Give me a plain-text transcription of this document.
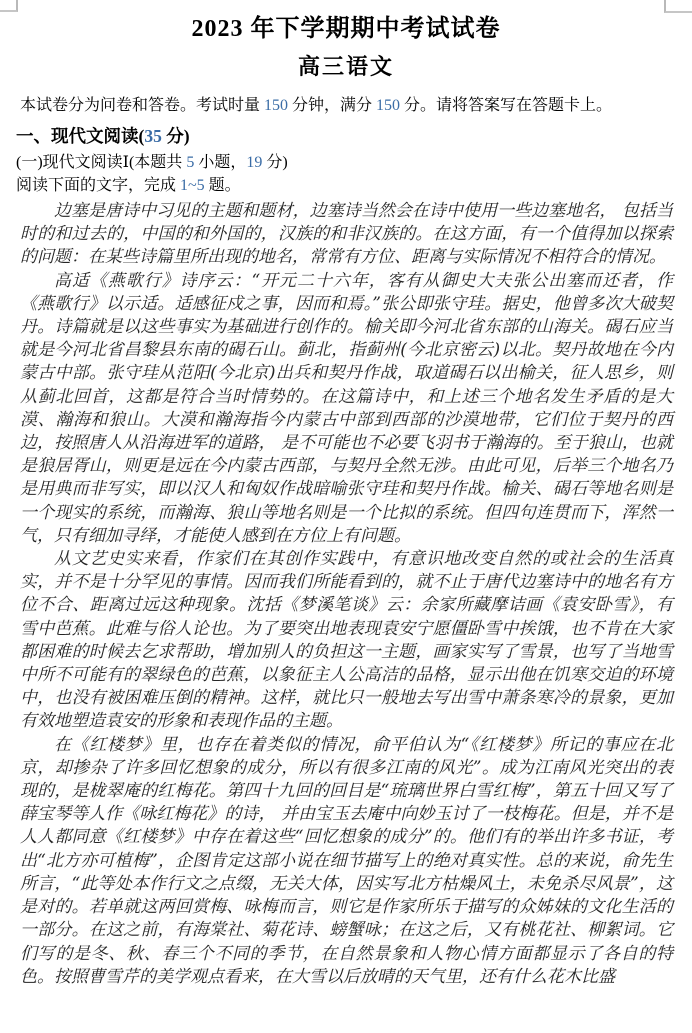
2023 年下学期期中考试试卷
高三语文

本试卷分为问卷和答卷。考试时量 150 分钟，满分 150 分。请将答案写在答题卡上。

一、现代文阅读(35 分)

(一)现代文阅读Ⅰ(本题共 5 小题，19 分)

阅读下面的文字，完成 1~5 题。

边塞是唐诗中习见的主题和题材，边塞诗当然会在诗中使用一些边塞地名， 包括当时的和过去的，中国的和外国的，汉族的和非汉族的。在这方面，有一个值得加以探索的问题：在某些诗篇里所出现的地名，常常有方位、距离与实际情况不相符合的情况。

高适《燕歌行》诗序云：“开元二十六年，客有从御史大夫张公出塞而还者，作《燕歌行》以示适。适感征戍之事，因而和焉。”张公即张守珪。据史，他曾多次大破契丹。诗篇就是以这些事实为基础进行创作的。榆关即今河北省东部的山海关。碣石应当就是今河北省昌黎县东南的碣石山。蓟北，指蓟州(今北京密云)以北。契丹故地在今内蒙古中部。张守珪从范阳(今北京)出兵和契丹作战，取道碣石以出榆关，征人思乡，则从蓟北回首，这都是符合当时情势的。在这篇诗中，和上述三个地名发生矛盾的是大漠、瀚海和狼山。大漠和瀚海指今内蒙古中部到西部的沙漠地带，它们位于契丹的西边，按照唐人从沿海进军的道路， 是不可能也不必要飞羽书于瀚海的。至于狼山，也就是狼居胥山，则更是远在今内蒙古西部，与契丹全然无涉。由此可见，后举三个地名乃是用典而非写实，即以汉人和匈奴作战暗喻张守珪和契丹作战。榆关、碣石等地名则是一个现实的系统，而瀚海、狼山等地名则是一个比拟的系统。但四句连贯而下，浑然一气，只有细加寻绎，才能使人感到在方位上有问题。

从文艺史实来看，作家们在其创作实践中，有意识地改变自然的或社会的生活真实，并不是十分罕见的事情。因而我们所能看到的，就不止于唐代边塞诗中的地名有方位不合、距离过远这种现象。沈括《梦溪笔谈》云：余家所藏摩诘画《袁安卧雪》，有雪中芭蕉。此难与俗人论也。为了要突出地表现袁安宁愿僵卧雪中挨饿，也不肯在大家都困难的时候去乞求帮助，增加别人的负担这一主题，画家实写了雪景，也写了当地雪中所不可能有的翠绿色的芭蕉，以象征主人公高洁的品格，显示出他在饥寒交迫的环境中，也没有被困难压倒的精神。这样，就比只一般地去写出雪中萧条寒冷的景象，更加有效地塑造袁安的形象和表现作品的主题。

在《红楼梦》里，也存在着类似的情况，俞平伯认为“《红楼梦》所记的事应在北京，却掺杂了许多回忆想象的成分，所以有很多江南的风光”。成为江南风光突出的表现的，是栊翠庵的红梅花。第四十九回的回目是“琉璃世界白雪红梅”，第五十回又写了薛宝琴等人作《咏红梅花》的诗， 并由宝玉去庵中向妙玉讨了一枝梅花。但是，并不是人人都同意《红楼梦》中存在着这些“回忆想象的成分”的。他们有的举出许多书证，考出“北方亦可植梅”，企图肯定这部小说在细节描写上的绝对真实性。总的来说，俞先生所言，“此等处本作行文之点缀，无关大体，因实写北方枯燥风土，未免杀尽风景”，这是对的。若单就这两回赏梅、咏梅而言，则它是作家所乐于描写的众姊妹的文化生活的一部分。在这之前，有海棠社、菊花诗、螃蟹咏；在这之后，又有桃花社、柳絮词。它们写的是冬、秋、春三个不同的季节，在自然景象和人物心情方面都显示了各自的特色。按照曹雪芹的美学观点看来，在大雪以后放晴的天气里，还有什么花木比盛
